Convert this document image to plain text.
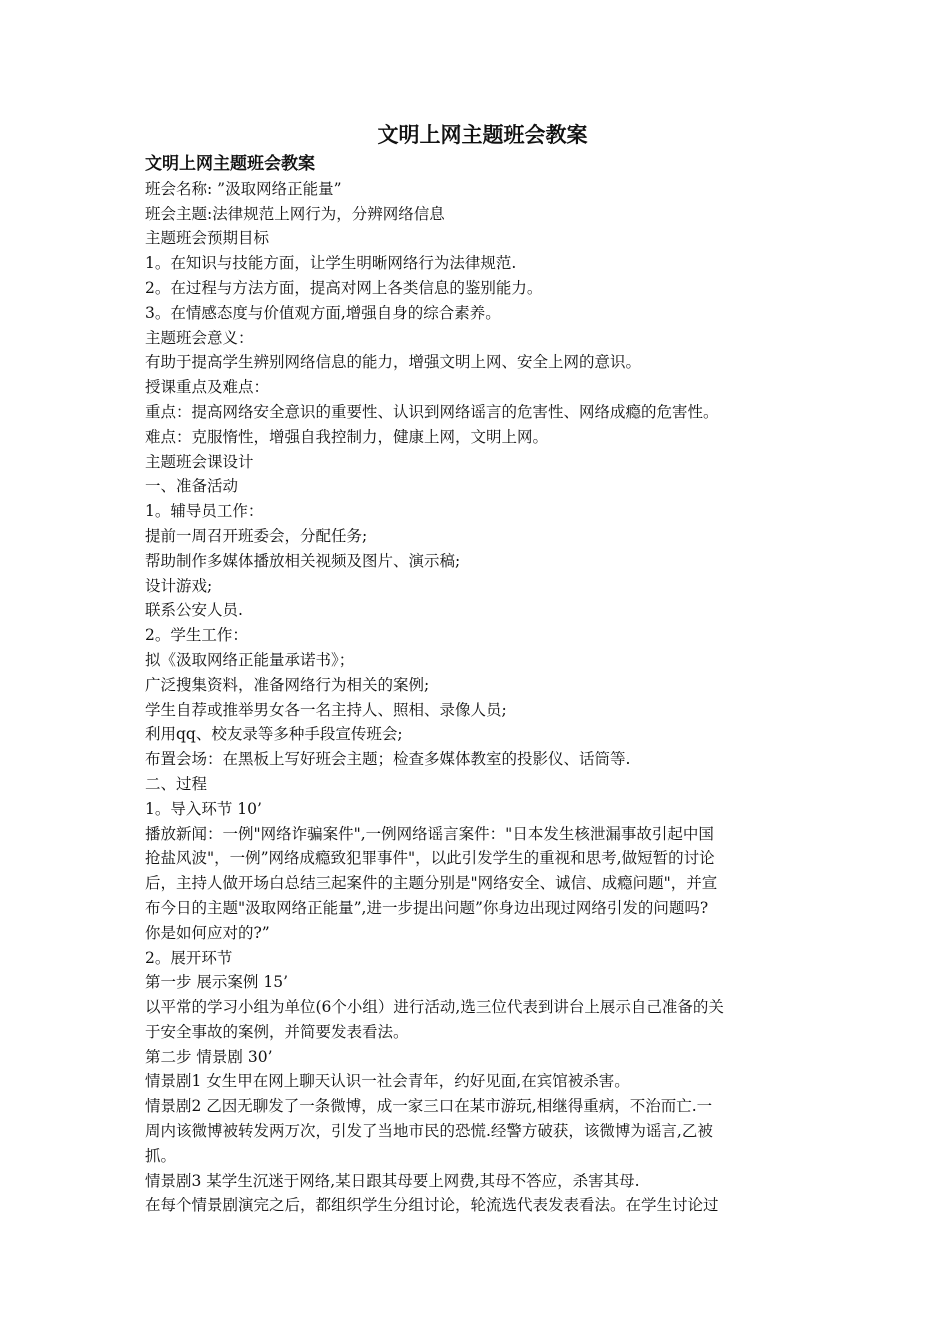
文明上网主题班会教案

文明上网主题班会教案

班会名称: ”汲取网络正能量”

班会主题:法律规范上网行为，分辨网络信息

主题班会预期目标

1。在知识与技能方面，让学生明晰网络行为法律规范.

2。在过程与方法方面，提高对网上各类信息的鉴别能力。

3。在情感态度与价值观方面,增强自身的综合素养。

主题班会意义：

有助于提高学生辨别网络信息的能力，增强文明上网、安全上网的意识。

授课重点及难点：

重点：提高网络安全意识的重要性、认识到网络谣言的危害性、网络成瘾的危害性。

难点：克服惰性，增强自我控制力，健康上网，文明上网。

主题班会课设计

一、准备活动

1。辅导员工作：

提前一周召开班委会，分配任务;

帮助制作多媒体播放相关视频及图片、演示稿;

设计游戏;

联系公安人员.

2。学生工作：

拟《汲取网络正能量承诺书》；

广泛搜集资料，准备网络行为相关的案例;

学生自荐或推举男女各一名主持人、照相、录像人员;

利用qq、校友录等多种手段宣传班会;

布置会场：在黑板上写好班会主题；检查多媒体教室的投影仪、话筒等.

二、过程

1。导入环节 10’

播放新闻：一例"网络诈骗案件",一例网络谣言案件："日本发生核泄漏事故引起中国

抢盐风波"，一例”网络成瘾致犯罪事件"，以此引发学生的重视和思考,做短暂的讨论

后，主持人做开场白总结三起案件的主题分别是"网络安全、诚信、成瘾问题"，并宣

布今日的主题"汲取网络正能量”,进一步提出问题”你身边出现过网络引发的问题吗?

你是如何应对的?”

2。展开环节

第一步 展示案例 15’

以平常的学习小组为单位(6个小组）进行活动,选三位代表到讲台上展示自己准备的关

于安全事故的案例，并简要发表看法。

第二步 情景剧 30’

情景剧1 女生甲在网上聊天认识一社会青年，约好见面,在宾馆被杀害。

情景剧2 乙因无聊发了一条微博，成一家三口在某市游玩,相继得重病，不治而亡.一

周内该微博被转发两万次，引发了当地市民的恐慌.经警方破获，该微博为谣言,乙被

抓。

情景剧3 某学生沉迷于网络,某日跟其母要上网费,其母不答应，杀害其母.

在每个情景剧演完之后，都组织学生分组讨论，轮流选代表发表看法。在学生讨论过
